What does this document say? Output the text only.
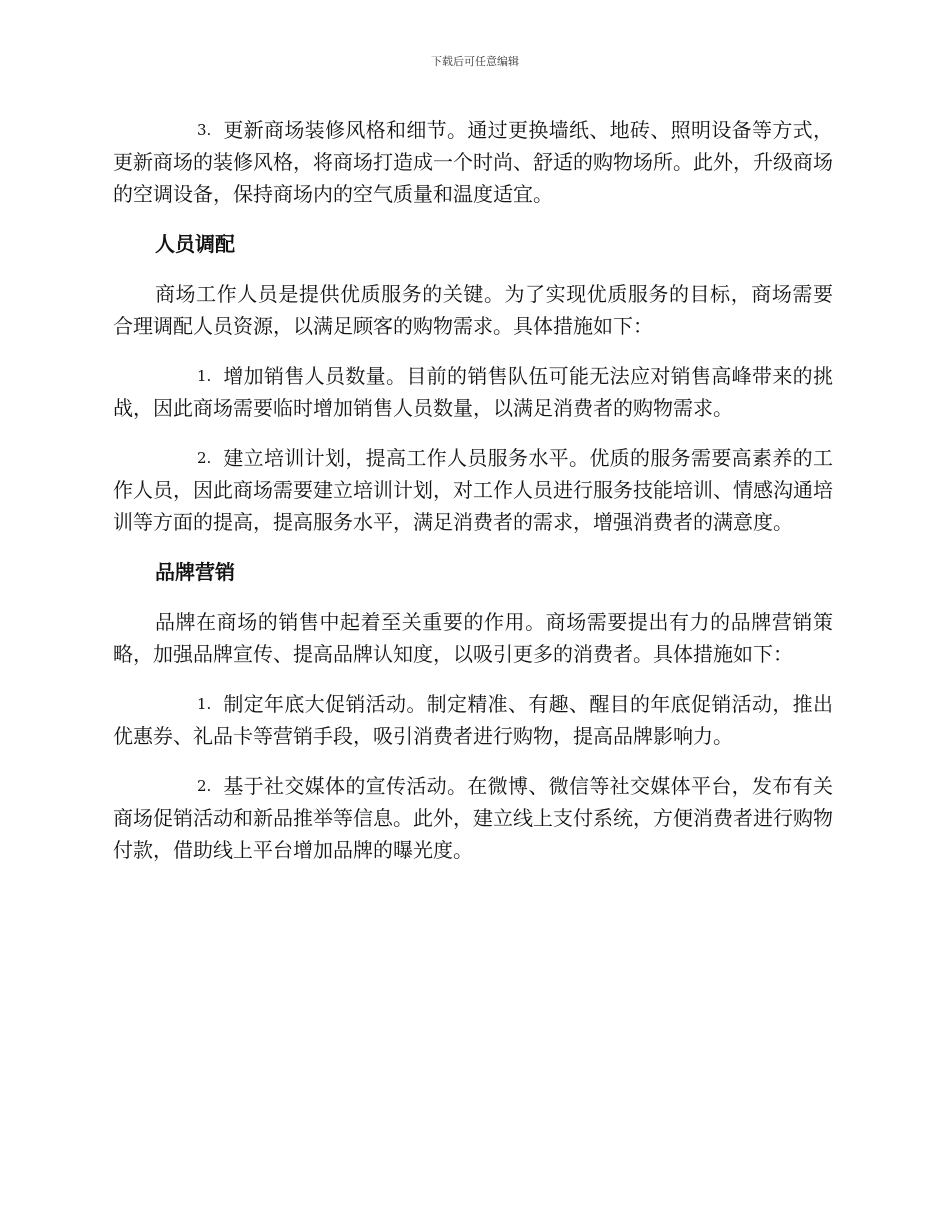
下载后可任意编辑

3. 更新商场装修风格和细节。通过更换墙纸、地砖、照明设备等方式，更新商场的装修风格，将商场打造成一个时尚、舒适的购物场所。此外，升级商场的空调设备，保持商场内的空气质量和温度适宜。

人员调配

商场工作人员是提供优质服务的关键。为了实现优质服务的目标，商场需要合理调配人员资源，以满足顾客的购物需求。具体措施如下：

1. 增加销售人员数量。目前的销售队伍可能无法应对销售高峰带来的挑战，因此商场需要临时增加销售人员数量，以满足消费者的购物需求。

2. 建立培训计划，提高工作人员服务水平。优质的服务需要高素养的工作人员，因此商场需要建立培训计划，对工作人员进行服务技能培训、情感沟通培训等方面的提高，提高服务水平，满足消费者的需求，增强消费者的满意度。

品牌营销

品牌在商场的销售中起着至关重要的作用。商场需要提出有力的品牌营销策略，加强品牌宣传、提高品牌认知度，以吸引更多的消费者。具体措施如下：

1. 制定年底大促销活动。制定精准、有趣、醒目的年底促销活动，推出优惠券、礼品卡等营销手段，吸引消费者进行购物，提高品牌影响力。

2. 基于社交媒体的宣传活动。在微博、微信等社交媒体平台，发布有关商场促销活动和新品推举等信息。此外，建立线上支付系统，方便消费者进行购物付款，借助线上平台增加品牌的曝光度。
